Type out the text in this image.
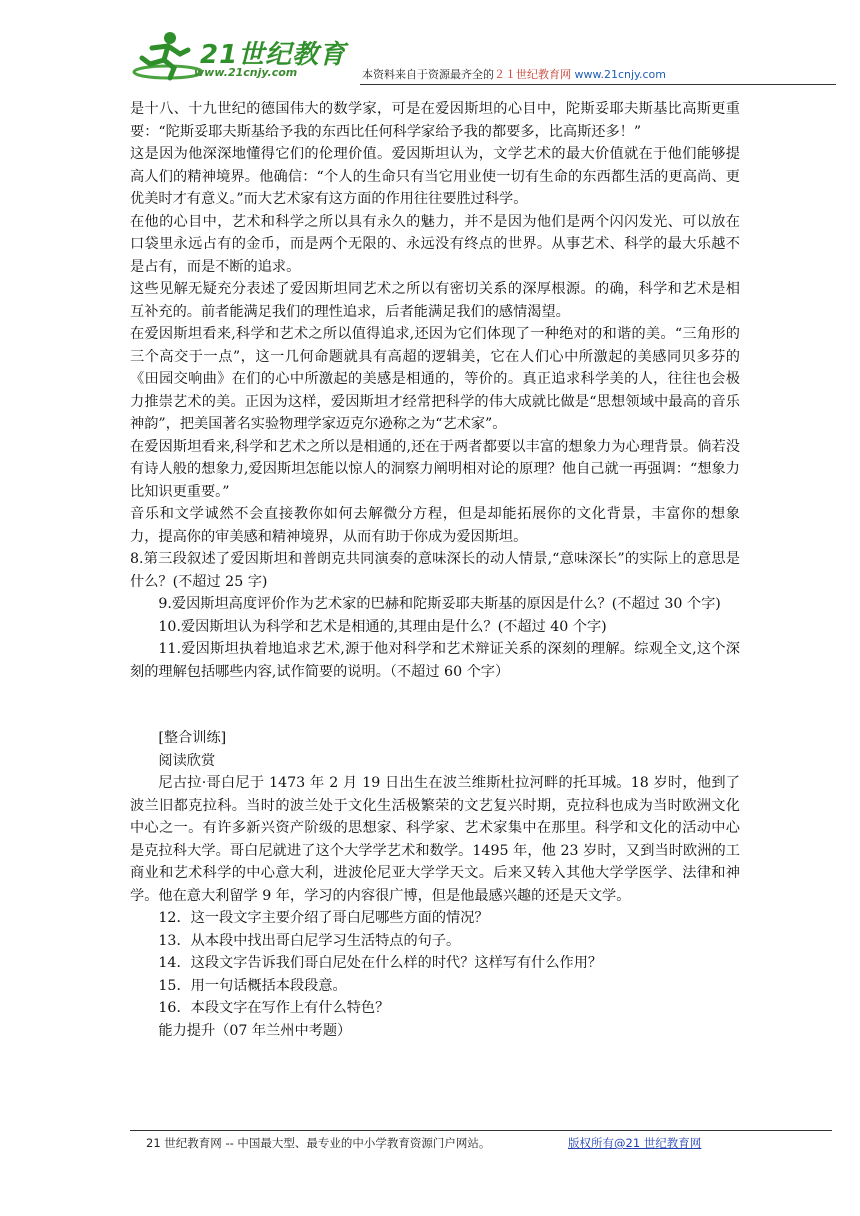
21世纪教育
www.21cnjy.com	本资料来自于资源最齐全的２１世纪教育网 www.21cnjy.com

是十八、十九世纪的德国伟大的数学家，可是在爱因斯坦的心目中，陀斯妥耶夫斯基比高斯更重要：“陀斯妥耶夫斯基给予我的东西比任何科学家给予我的都要多，比高斯还多！”

这是因为他深深地懂得它们的伦理价值。爱因斯坦认为，文学艺术的最大价值就在于他们能够提高人们的精神境界。他确信：“个人的生命只有当它用业使一切有生命的东西都生活的更高尚、更优美时才有意义。”而大艺术家有这方面的作用往往要胜过科学。

在他的心目中，艺术和科学之所以具有永久的魅力，并不是因为他们是两个闪闪发光、可以放在口袋里永远占有的金币，而是两个无限的、永远没有终点的世界。从事艺术、科学的最大乐越不是占有，而是不断的追求。

这些见解无疑充分表述了爱因斯坦同艺术之所以有密切关系的深厚根源。的确，科学和艺术是相互补充的。前者能满足我们的理性追求，后者能满足我们的感情渴望。

在爱因斯坦看来,科学和艺术之所以值得追求,还因为它们体现了一种绝对的和谐的美。“三角形的三个高交于一点”，这一几何命题就具有高超的逻辑美，它在人们心中所激起的美感同贝多芬的《田园交响曲》在们的心中所激起的美感是相通的，等价的。真正追求科学美的人，往往也会极力推崇艺术的美。正因为这样，爱因斯坦才经常把科学的伟大成就比做是“思想领域中最高的音乐神韵”，把美国著名实验物理学家迈克尔逊称之为“艺术家”。

在爱因斯坦看来,科学和艺术之所以是相通的,还在于两者都要以丰富的想象力为心理背景。倘若没有诗人般的想象力,爱因斯坦怎能以惊人的洞察力阐明相对论的原理？他自己就一再强调：“想象力比知识更重要。”

音乐和文学诚然不会直接教你如何去解微分方程，但是却能拓展你的文化背景，丰富你的想象力，提高你的审美感和精神境界，从而有助于你成为爱因斯坦。

8.第三段叙述了爱因斯坦和普朗克共同演奏的意味深长的动人情景,“意味深长”的实际上的意思是什么？(不超过 25 字)

9.爱因斯坦高度评价作为艺术家的巴赫和陀斯妥耶夫斯基的原因是什么？(不超过 30 个字)

10.爱因斯坦认为科学和艺术是相通的,其理由是什么？(不超过 40 个字)

11.爱因斯坦执着地追求艺术,源于他对科学和艺术辩证关系的深刻的理解。综观全文,这个深刻的理解包括哪些内容,试作简要的说明。（不超过 60 个字）

[整合训练]

阅读欣赏

尼古拉·哥白尼于 1473 年 2 月 19 日出生在波兰维斯杜拉河畔的托耳城。18 岁时，他到了波兰旧都克拉科。当时的波兰处于文化生活极繁荣的文艺复兴时期，克拉科也成为当时欧洲文化中心之一。有许多新兴资产阶级的思想家、科学家、艺术家集中在那里。科学和文化的活动中心是克拉科大学。哥白尼就进了这个大学学艺术和数学。1495 年，他 23 岁时，又到当时欧洲的工商业和艺术科学的中心意大利，进波伦尼亚大学学天文。后来又转入其他大学学医学、法律和神学。他在意大利留学 9 年，学习的内容很广博，但是他最感兴趣的还是天文学。

12．这一段文字主要介绍了哥白尼哪些方面的情况？

13．从本段中找出哥白尼学习生活特点的句子。

14．这段文字告诉我们哥白尼处在什么样的时代？这样写有什么作用？

15．用一句话概括本段段意。

16．本段文字在写作上有什么特色？

能力提升（07 年兰州中考题）

21 世纪教育网 -- 中国最大型、最专业的中小学教育资源门户网站。	版权所有@21 世纪教育网
